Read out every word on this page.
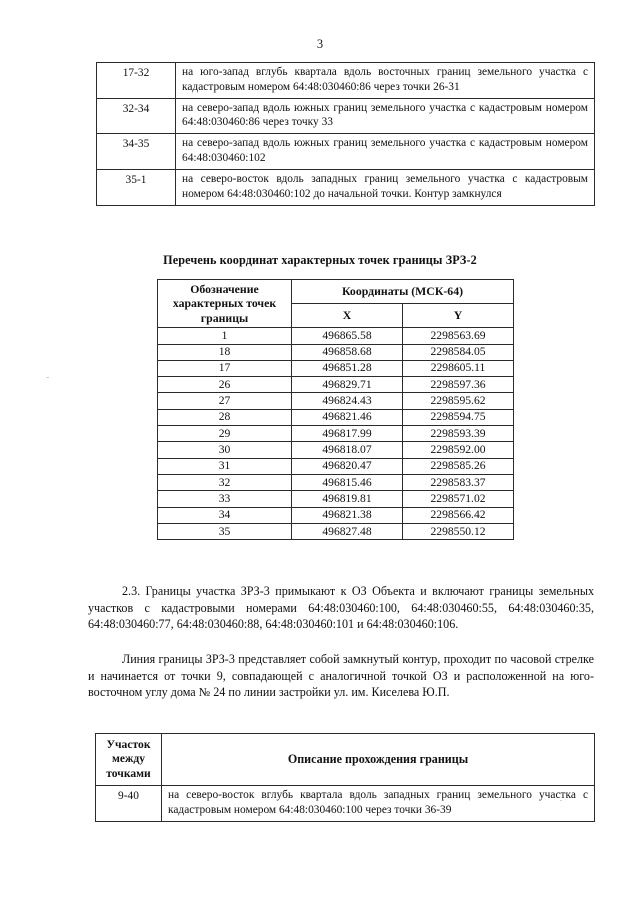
3
17-32	на юго-запад вглубь квартала вдоль восточных границ земельного участка с кадастровым номером 64:48:030460:86 через точки 26-31
32-34	на северо-запад вдоль южных границ земельного участка с кадастровым номером 64:48:030460:86 через точку 33
34-35	на северо-запад вдоль южных границ земельного участка с кадастровым номером 64:48:030460:102
35-1	на северо-восток вдоль западных границ земельного участка с кадастровым номером 64:48:030460:102 до начальной точки. Контур замкнулся
Перечень координат характерных точек границы ЗРЗ-2
Обозначение характерных точек границы	Координаты (МСК-64)	
	X	Y
1	496865.58	2298563.69
18	496858.68	2298584.05
17	496851.28	2298605.11
26	496829.71	2298597.36
27	496824.43	2298595.62
28	496821.46	2298594.75
29	496817.99	2298593.39
30	496818.07	2298592.00
31	496820.47	2298585.26
32	496815.46	2298583.37
33	496819.81	2298571.02
34	496821.38	2298566.42
35	496827.48	2298550.12

2.3. Границы участка ЗРЗ-3 примыкают к ОЗ Объекта и включают границы земельных участков с кадастровыми номерами 64:48:030460:100, 64:48:030460:55, 64:48:030460:35, 64:48:030460:77, 64:48:030460:88, 64:48:030460:101 и 64:48:030460:106.

Линия границы ЗРЗ-3 представляет собой замкнутый контур, проходит по часовой стрелке и начинается от точки 9, совпадающей с аналогичной точкой ОЗ и расположенной на юго-восточном углу дома № 24 по линии застройки ул. им. Киселева Ю.П.

Участок между точками	Описание прохождения границы
9-40	на северо-восток вглубь квартала вдоль западных границ земельного участка с кадастровым номером 64:48:030460:100 через точки 36-39
